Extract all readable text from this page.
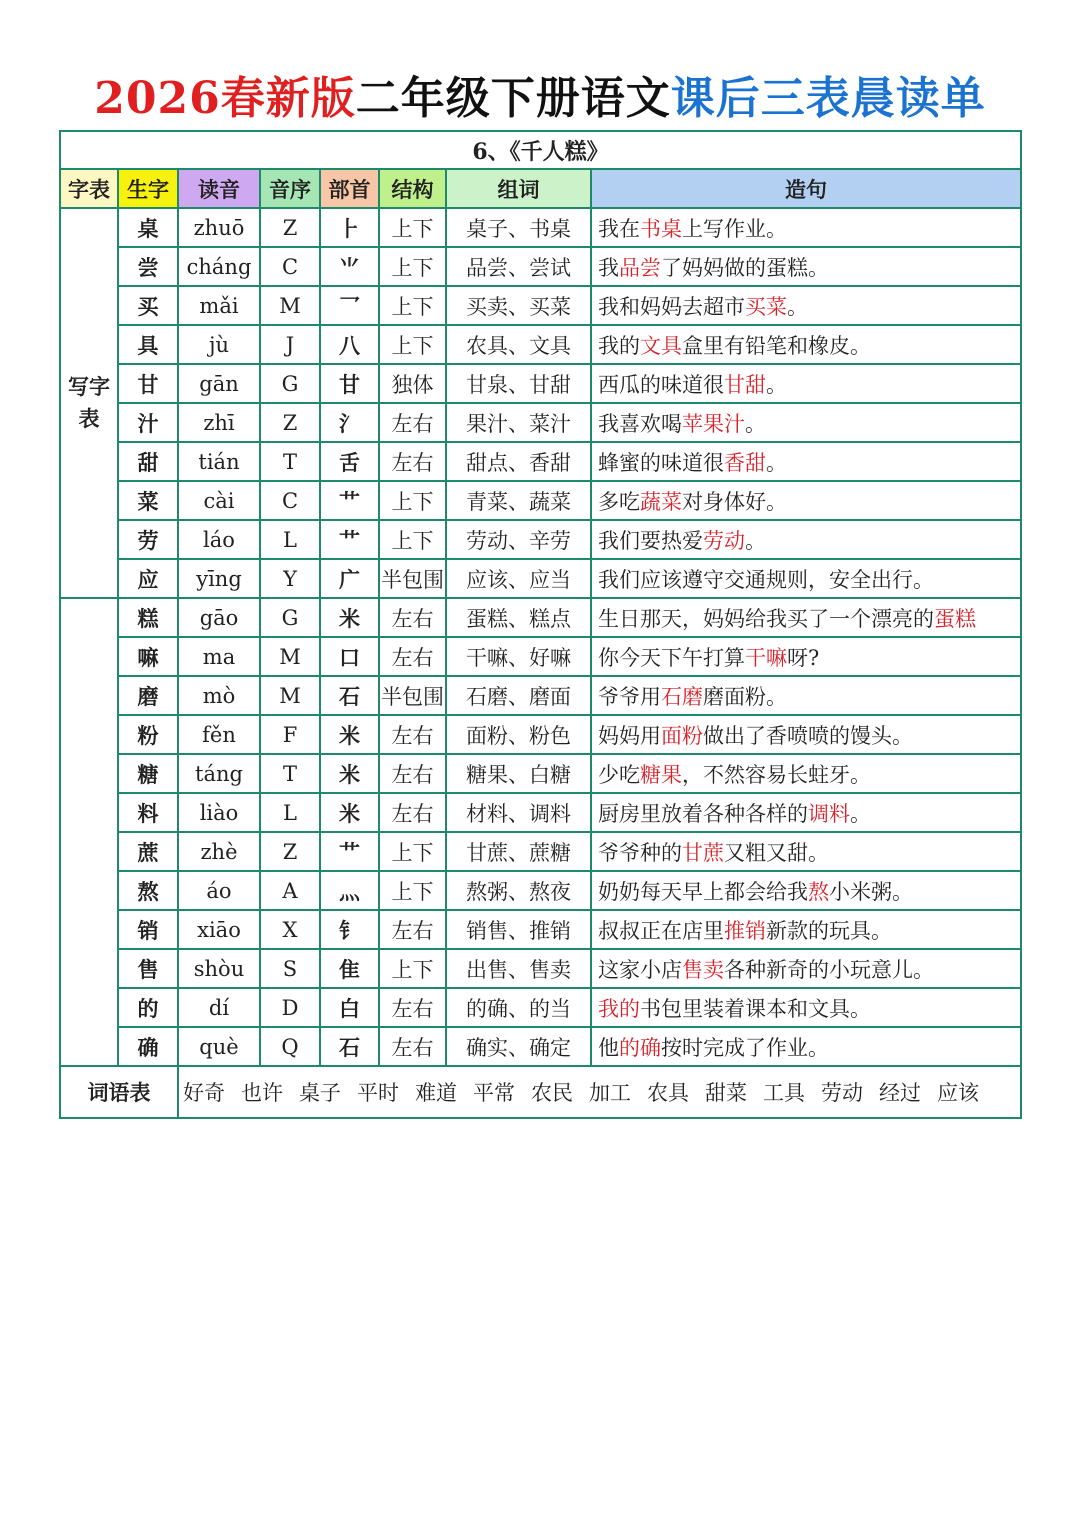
2026春新版二年级下册语文课后三表晨读单
6、《千人糕》							
字表	生字	读音	音序	部首	结构	组词	造句
写字表	桌	zhuō	Z	⺊	上下	桌子、书桌	我在书桌上写作业。
	尝	cháng	C	⺌	上下	品尝、尝试	我品尝了妈妈做的蛋糕。
	买	mǎi	M	乛	上下	买卖、买菜	我和妈妈去超市买菜。
	具	jù	J	八	上下	农具、文具	我的文具盒里有铅笔和橡皮。
	甘	gān	G	甘	独体	甘泉、甘甜	西瓜的味道很甘甜。
	汁	zhī	Z	氵	左右	果汁、菜汁	我喜欢喝苹果汁。
	甜	tián	T	舌	左右	甜点、香甜	蜂蜜的味道很香甜。
	菜	cài	C	艹	上下	青菜、蔬菜	多吃蔬菜对身体好。
	劳	láo	L	艹	上下	劳动、辛劳	我们要热爱劳动。
	应	yīng	Y	广	半包围	应该、应当	我们应该遵守交通规则，安全出行。
	糕	gāo	G	米	左右	蛋糕、糕点	生日那天，妈妈给我买了一个漂亮的蛋糕
	嘛	ma	M	口	左右	干嘛、好嘛	你今天下午打算干嘛呀?
	磨	mò	M	石	半包围	石磨、磨面	爷爷用石磨磨面粉。
	粉	fěn	F	米	左右	面粉、粉色	妈妈用面粉做出了香喷喷的馒头。
	糖	táng	T	米	左右	糖果、白糖	少吃糖果，不然容易长蛀牙。
	料	liào	L	米	左右	材料、调料	厨房里放着各种各样的调料。
	蔗	zhè	Z	艹	上下	甘蔗、蔗糖	爷爷种的甘蔗又粗又甜。
	熬	áo	A	灬	上下	熬粥、熬夜	奶奶每天早上都会给我熬小米粥。
	销	xiāo	X	钅	左右	销售、推销	叔叔正在店里推销新款的玩具。
	售	shòu	S	隹	上下	出售、售卖	这家小店售卖各种新奇的小玩意儿。
	的	dí	D	白	左右	的确、的当	我的书包里装着课本和文具。
	确	què	Q	石	左右	确实、确定	他的确按时完成了作业。
词语表		好奇 也许 桌子 平时 难道 平常 农民 加工 农具 甜菜 工具 劳动 经过 应该					
